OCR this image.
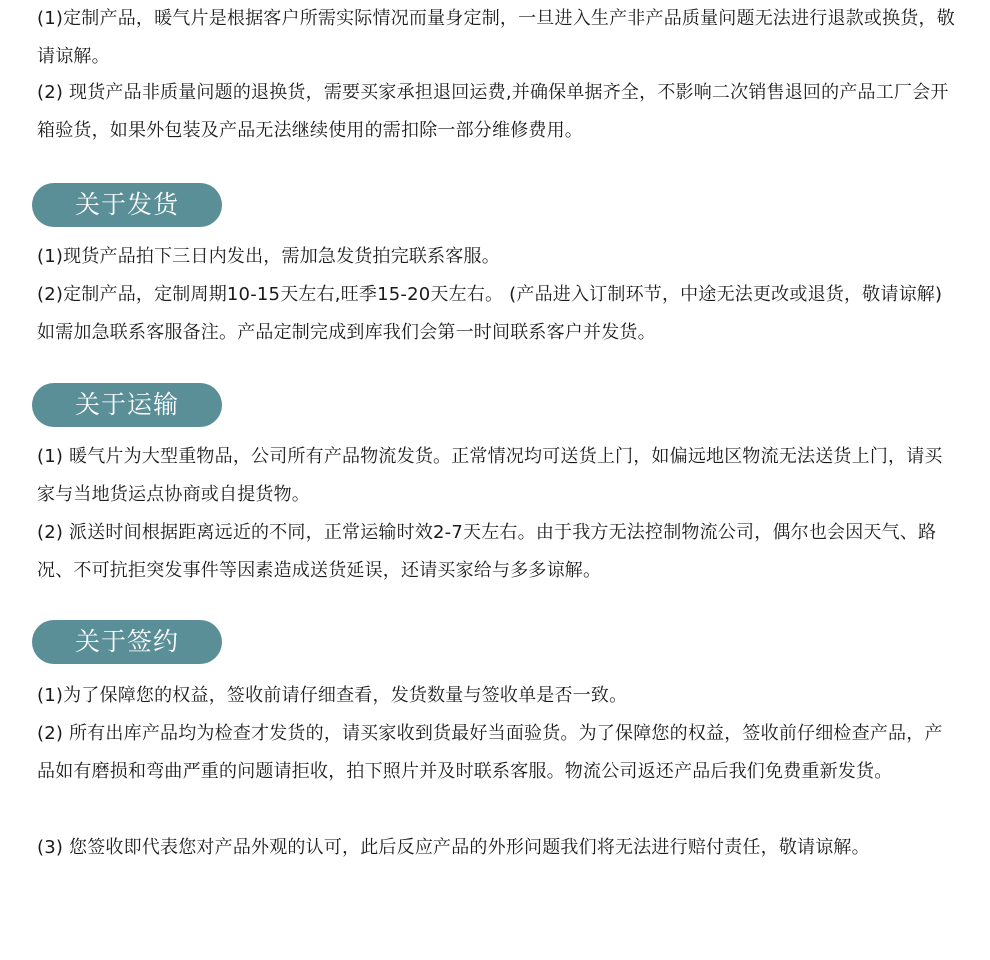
(1)定制产品，暖气片是根据客户所需实际情况而量身定制，一旦进入生产非产品质量问题无法进行退款或换货，敬请谅解。

(2) 现货产品非质量问题的退换货，需要买家承担退回运费,并确保单据齐全，不影响二次销售退回的产品工厂会开箱验货，如果外包装及产品无法继续使用的需扣除一部分维修费用。

关于发货

(1)现货产品拍下三日内发出，需加急发货拍完联系客服。

(2)定制产品，定制周期10-15天左右,旺季15-20天左右。 (产品进入订制环节，中途无法更改或退货，敬请谅解)如需加急联系客服备注。产品定制完成到库我们会第一时间联系客户并发货。

关于运输

(1) 暖气片为大型重物品，公司所有产品物流发货。正常情况均可送货上门，如偏远地区物流无法送货上门，请买家与当地货运点协商或自提货物。

(2) 派送时间根据距离远近的不同，正常运输时效2-7天左右。由于我方无法控制物流公司，偶尔也会因天气、路况、不可抗拒突发事件等因素造成送货延误，还请买家给与多多谅解。

关于签约

(1)为了保障您的权益，签收前请仔细查看，发货数量与签收单是否一致。

(2) 所有出库产品均为检查才发货的，请买家收到货最好当面验货。为了保障您的权益，签收前仔细检查产品，产品如有磨损和弯曲严重的问题请拒收，拍下照片并及时联系客服。物流公司返还产品后我们免费重新发货。

(3) 您签收即代表您对产品外观的认可，此后反应产品的外形问题我们将无法进行赔付责任，敬请谅解。
